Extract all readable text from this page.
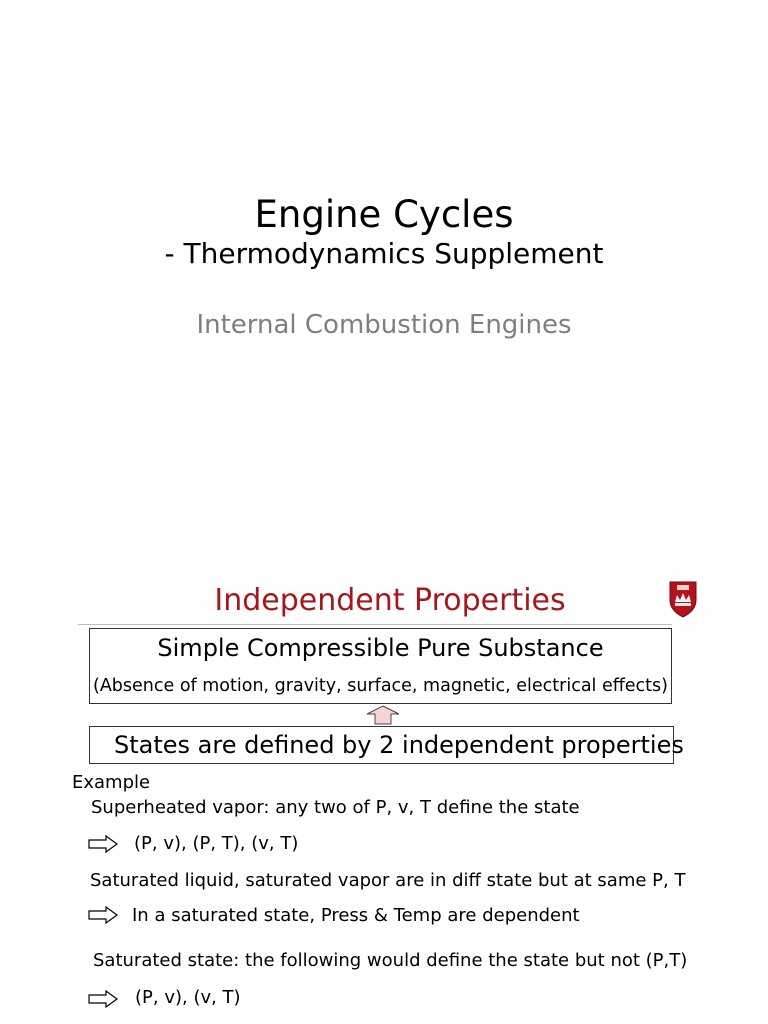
Engine Cycles
- Thermodynamics Supplement
Internal Combustion Engines
Independent Properties
Simple Compressible Pure Substance
(Absence of motion, gravity, surface, magnetic, electrical effects)
States are defined by 2 independent properties
Example
Superheated vapor: any two of P, v, T define the state
(P, v), (P, T), (v, T)
Saturated liquid, saturated vapor are in diff state but at same P, T
In a saturated state, Press & Temp are dependent
Saturated state: the following would define the state but not (P,T)
(P, v), (v, T)
